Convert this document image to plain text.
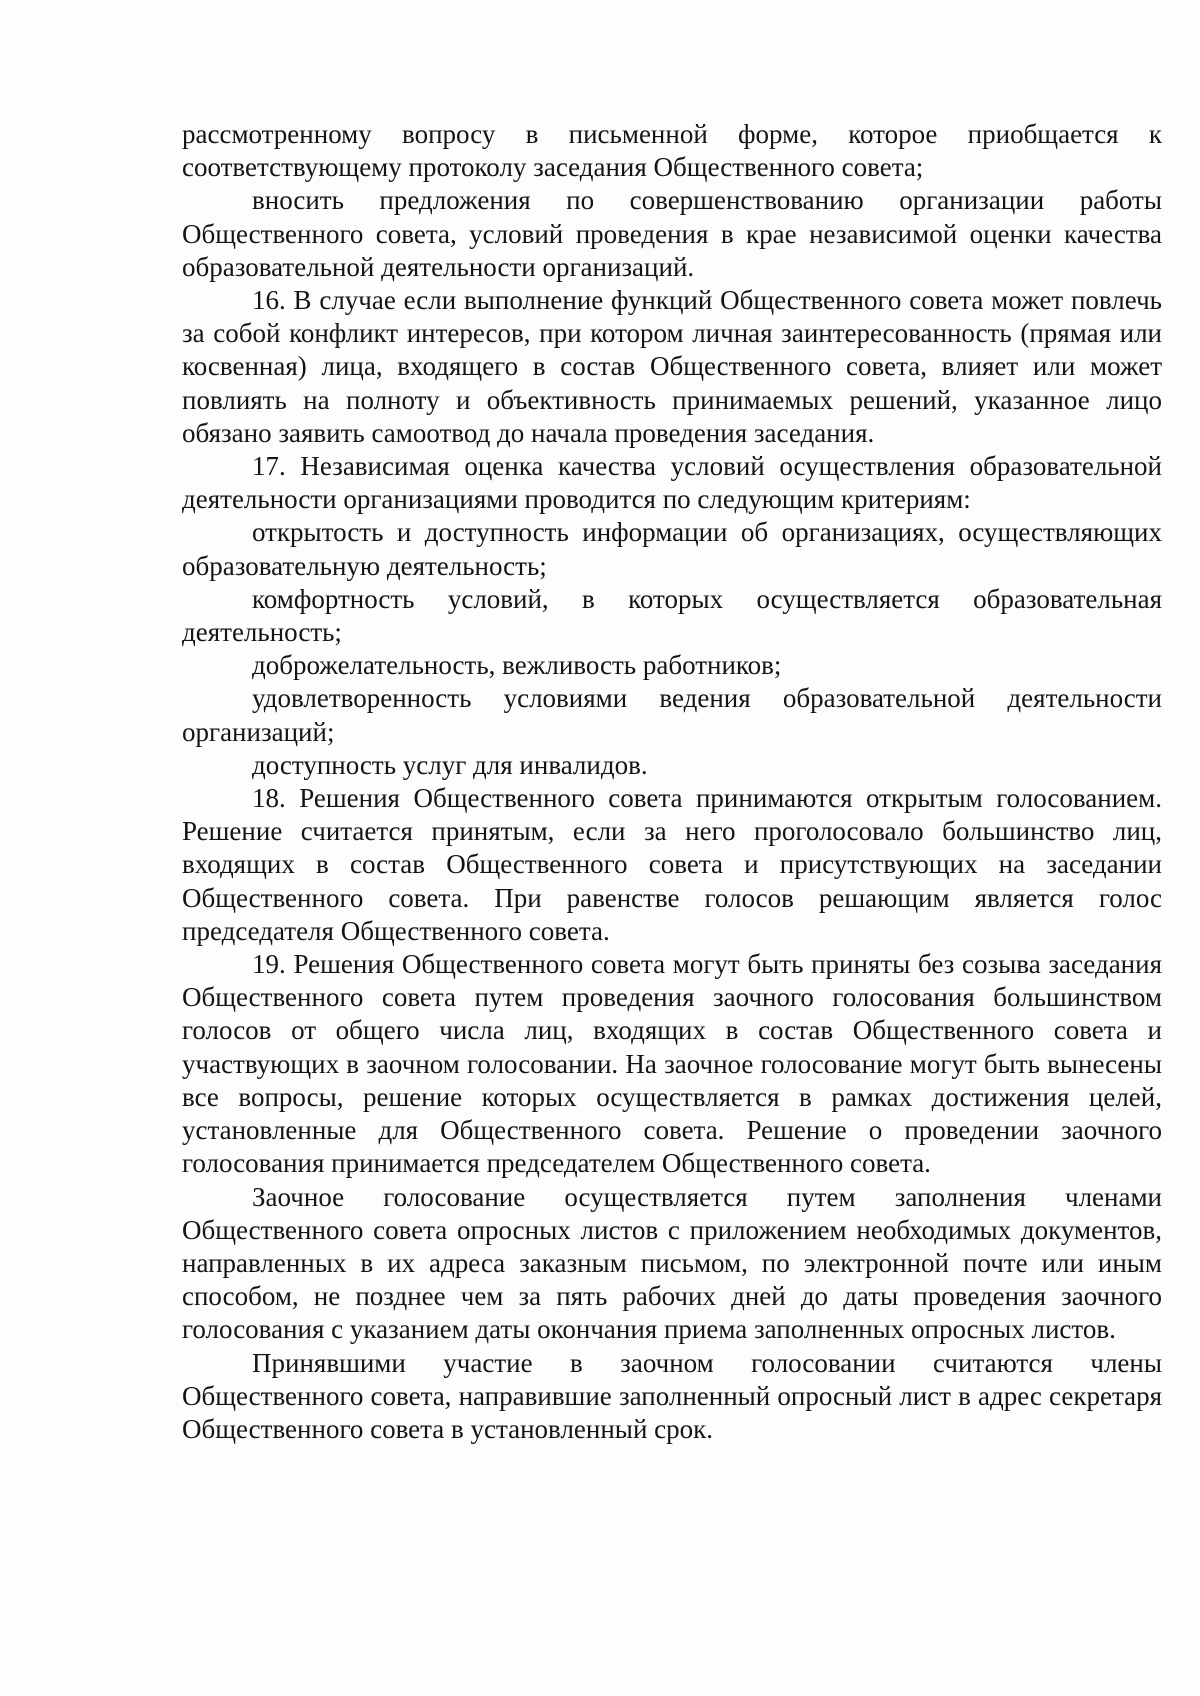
рассмотренному вопросу в письменной форме, которое приобщается к соответствующему протоколу заседания Общественного совета;

вносить предложения по совершенствованию организации работы Общественного совета, условий проведения в крае независимой оценки качества образовательной деятельности организаций.

16. В случае если выполнение функций Общественного совета может повлечь за собой конфликт интересов, при котором личная заинтересованность (прямая или косвенная) лица, входящего в состав Общественного совета, влияет или может повлиять на полноту и объективность принимаемых решений, указанное лицо обязано заявить самоотвод до начала проведения заседания.

17. Независимая оценка качества условий осуществления образовательной деятельности организациями проводится по следующим критериям:

открытость и доступность информации об организациях, осуществляющих образовательную деятельность;

комфортность условий, в которых осуществляется образовательная деятельность;

доброжелательность, вежливость работников;

удовлетворенность условиями ведения образовательной деятельности организаций;

доступность услуг для инвалидов.

18. Решения Общественного совета принимаются открытым голосованием. Решение считается принятым, если за него проголосовало большинство лиц, входящих в состав Общественного совета и присутствующих на заседании Общественного совета. При равенстве голосов решающим является голос председателя Общественного совета.

19. Решения Общественного совета могут быть приняты без созыва заседания Общественного совета путем проведения заочного голосования большинством голосов от общего числа лиц, входящих в состав Общественного совета и участвующих в заочном голосовании. На заочное голосование могут быть вынесены все вопросы, решение которых осуществляется в рамках достижения целей, установленные для Общественного совета. Решение о проведении заочного голосования принимается председателем Общественного совета.

Заочное голосование осуществляется путем заполнения членами Общественного совета опросных листов с приложением необходимых документов, направленных в их адреса заказным письмом, по электронной почте или иным способом, не позднее чем за пять рабочих дней до даты проведения заочного голосования с указанием даты окончания приема заполненных опросных листов.

Принявшими участие в заочном голосовании считаются члены Общественного совета, направившие заполненный опросный лист в адрес секретаря Общественного совета в установленный срок.
